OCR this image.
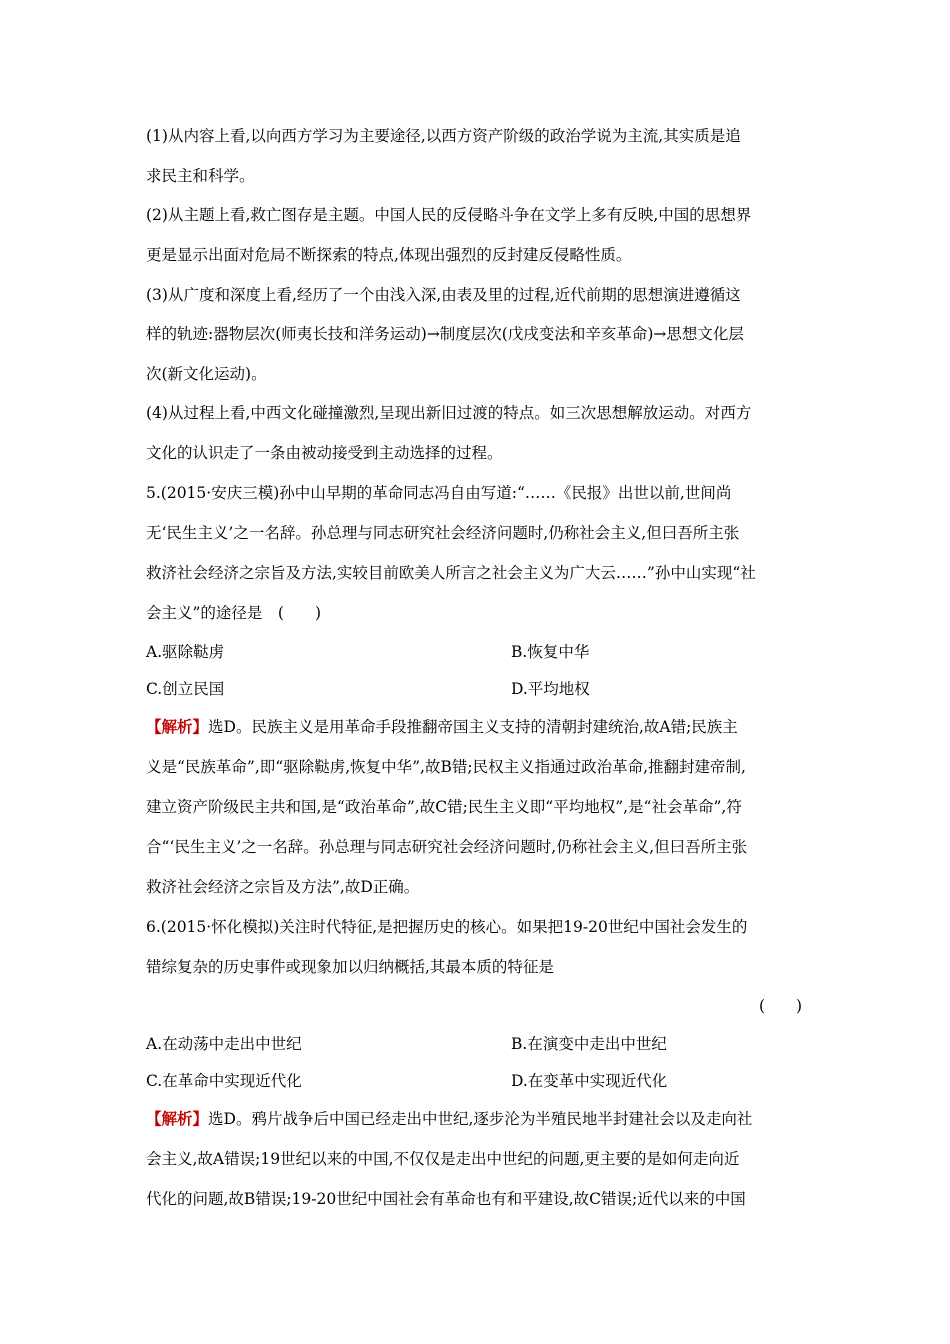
(1)从内容上看,以向西方学习为主要途径,以西方资产阶级的政治学说为主流,其实质是追
求民主和科学。
(2)从主题上看,救亡图存是主题。中国人民的反侵略斗争在文学上多有反映,中国的思想界
更是显示出面对危局不断探索的特点,体现出强烈的反封建反侵略性质。
(3)从广度和深度上看,经历了一个由浅入深,由表及里的过程,近代前期的思想演进遵循这
样的轨迹:器物层次(师夷长技和洋务运动)→制度层次(戊戌变法和辛亥革命)→思想文化层
次(新文化运动)。
(4)从过程上看,中西文化碰撞激烈,呈现出新旧过渡的特点。如三次思想解放运动。对西方
文化的认识走了一条由被动接受到主动选择的过程。
5.(2015·安庆三模)孙中山早期的革命同志冯自由写道:“……《民报》出世以前,世间尚
无‘民生主义’之一名辞。孙总理与同志研究社会经济问题时,仍称社会主义,但曰吾所主张
救济社会经济之宗旨及方法,实较目前欧美人所言之社会主义为广大云……”孙中山实现“社
会主义”的途径是　(　　)
A.驱除鞑虏	B.恢复中华
C.创立民国	D.平均地权
【解析】选D。民族主义是用革命手段推翻帝国主义支持的清朝封建统治,故A错;民族主
义是“民族革命”,即“驱除鞑虏,恢复中华”,故B错;民权主义指通过政治革命,推翻封建帝制,
建立资产阶级民主共和国,是“政治革命”,故C错;民生主义即“平均地权”,是“社会革命”,符
合“‘民生主义’之一名辞。孙总理与同志研究社会经济问题时,仍称社会主义,但曰吾所主张
救济社会经济之宗旨及方法”,故D正确。
6.(2015·怀化模拟)关注时代特征,是把握历史的核心。如果把19-20世纪中国社会发生的
错综复杂的历史事件或现象加以归纳概括,其最本质的特征是
(　　)
A.在动荡中走出中世纪	B.在演变中走出中世纪
C.在革命中实现近代化	D.在变革中实现近代化
【解析】选D。鸦片战争后中国已经走出中世纪,逐步沦为半殖民地半封建社会以及走向社
会主义,故A错误;19世纪以来的中国,不仅仅是走出中世纪的问题,更主要的是如何走向近
代化的问题,故B错误;19-20世纪中国社会有革命也有和平建设,故C错误;近代以来的中国
